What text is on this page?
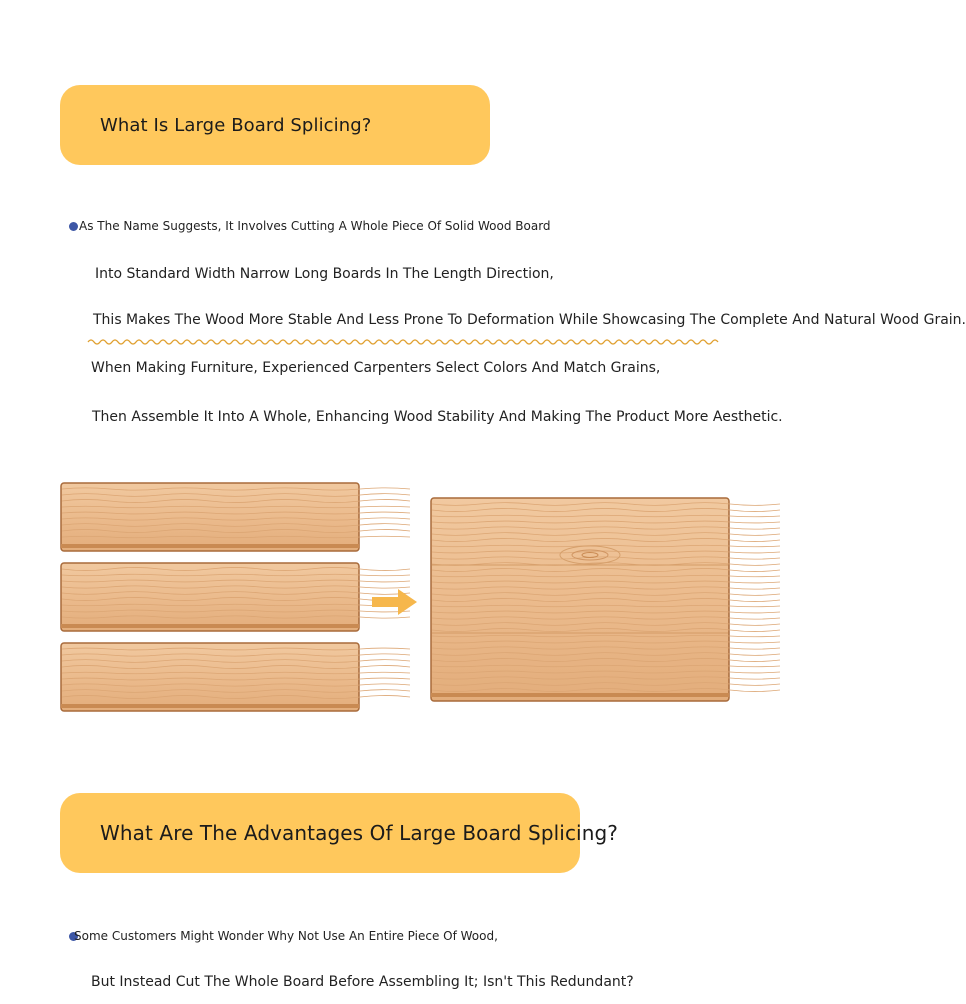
What Is Large Board Splicing?
As The Name Suggests, It Involves Cutting A Whole Piece Of Solid Wood Board
Into Standard Width Narrow Long Boards In The Length Direction,
This Makes The Wood More Stable And Less Prone To Deformation While Showcasing The Complete And Natural Wood Grain.
When Making Furniture, Experienced Carpenters Select Colors And Match Grains,
Then Assemble It Into A Whole, Enhancing Wood Stability And Making The Product More Aesthetic.
What Are The Advantages Of Large Board Splicing?
Some Customers Might Wonder Why Not Use An Entire Piece Of Wood,
But Instead Cut The Whole Board Before Assembling It; Isn't This Redundant?
